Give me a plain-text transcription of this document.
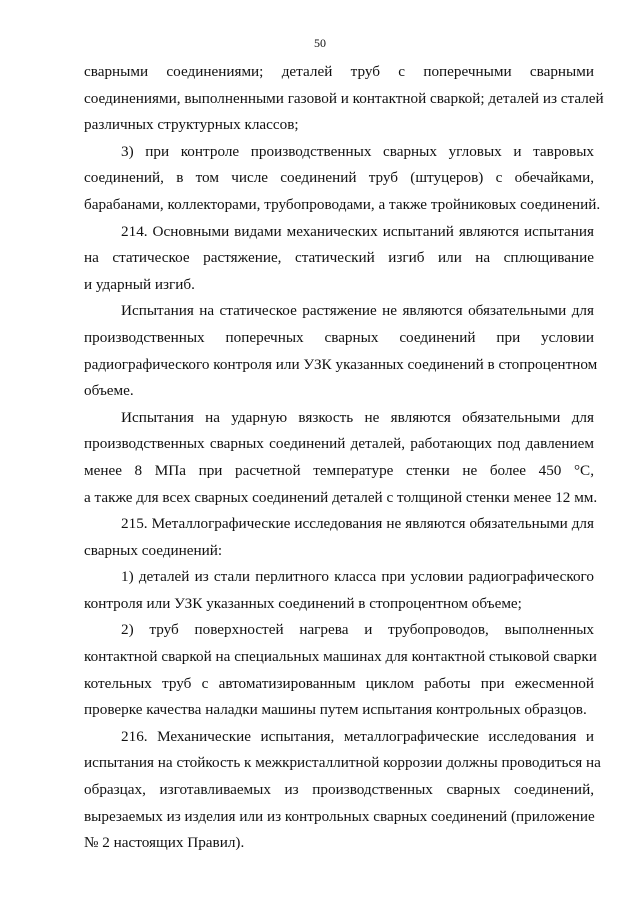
50
сварными соединениями; деталей труб с поперечными сварными
соединениями, выполненными газовой и контактной сваркой; деталей из сталей
различных структурных классов;
3) при контроле производственных сварных угловых и тавровых
соединений, в том числе соединений труб (штуцеров) с обечайками,
барабанами, коллекторами, трубопроводами, а также тройниковых соединений.
214. Основными видами механических испытаний являются испытания
на статическое растяжение, статический изгиб или на сплющивание
и ударный изгиб.
Испытания на статическое растяжение не являются обязательными для
производственных поперечных сварных соединений при условии
радиографического контроля или УЗК указанных соединений в стопроцентном
объеме.
Испытания на ударную вязкость не являются обязательными для
производственных сварных соединений деталей, работающих под давлением
менее 8 МПа при расчетной температуре стенки не более 450 °С,
а также для всех сварных соединений деталей с толщиной стенки менее 12 мм.
215. Металлографические исследования не являются обязательными для
сварных соединений:
1) деталей из стали перлитного класса при условии радиографического
контроля или УЗК указанных соединений в стопроцентном объеме;
2) труб поверхностей нагрева и трубопроводов, выполненных
контактной сваркой на специальных машинах для контактной стыковой сварки
котельных труб с автоматизированным циклом работы при ежесменной
проверке качества наладки машины путем испытания контрольных образцов.
216. Механические испытания, металлографические исследования и
испытания на стойкость к межкристаллитной коррозии должны проводиться на
образцах, изготавливаемых из производственных сварных соединений,
вырезаемых из изделия или из контрольных сварных соединений (приложение
№ 2 настоящих Правил).
